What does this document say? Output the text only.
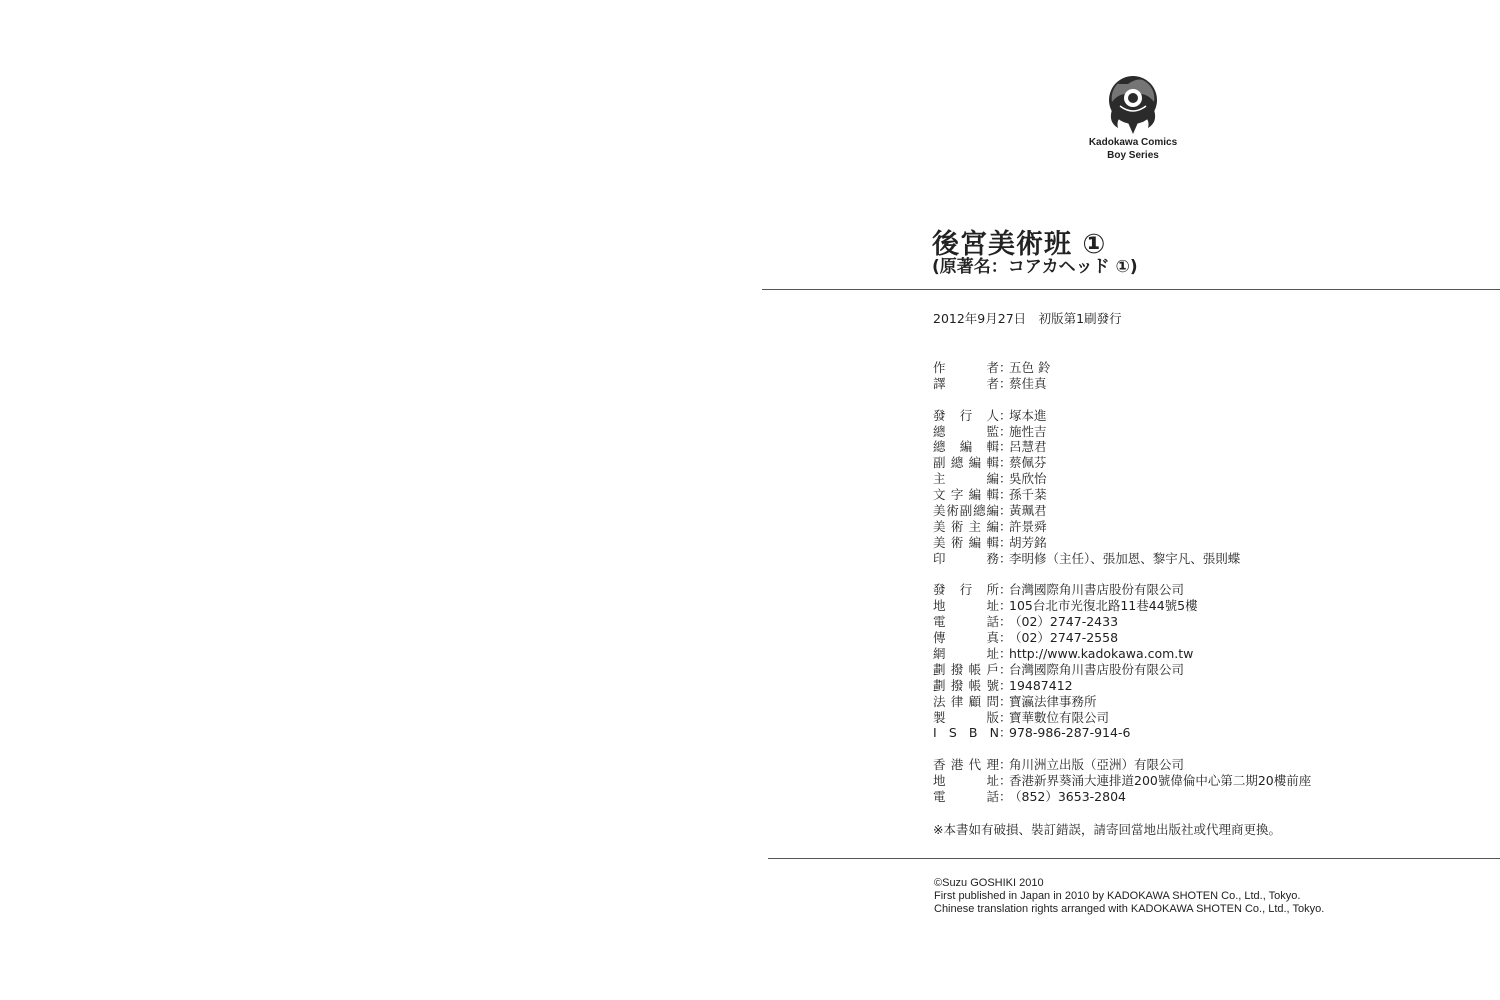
Kadokawa Comics
Boy Series
後宮美術班 ①
(原著名：コアカヘッド ①)
2012年9月27日　初版第1刷發行
作	者 ：
五色 鈴
譯	者 ：
蔡佳真
發 行 人 ：
塚本進
總	監 ：
施性吉
總 編 輯 ：
呂慧君
副 總 編 輯 ：
蔡佩芬
主	編 ：
吳欣怡
文 字 編 輯 ：
孫千棻
美 術 副 總 編 ：
黃珮君
美 術 主 編 ：
許景舜
美 術 編 輯 ：
胡芳銘
印	務 ：
李明修（主任）、張加恩、黎宇凡、張則蝶
發 行 所 ：
台灣國際角川書店股份有限公司
地	址 ：
105台北市光復北路11巷44號5樓
電	話 ：
（02）2747-2433
傳	真 ：
（02）2747-2558
網	址 ：
http://www.kadokawa.com.tw
劃 撥 帳 戶 ：
台灣國際角川書店股份有限公司
劃 撥 帳 號 ：
19487412
法 律 顧 問 ：
寶瀛法律事務所
製	版 ：
寶華數位有限公司
I S B N ：
978-986-287-914-6
香 港 代 理 ：
角川洲立出版（亞洲）有限公司
地	址 ：
香港新界葵涌大連排道200號偉倫中心第二期20樓前座
電	話 ：
（852）3653-2804
※本書如有破損、裝訂錯誤，請寄回當地出版社或代理商更換。
©Suzu GOSHIKI 2010
First published in Japan in 2010 by KADOKAWA SHOTEN Co., Ltd., Tokyo.
Chinese translation rights arranged with KADOKAWA SHOTEN Co., Ltd., Tokyo.
